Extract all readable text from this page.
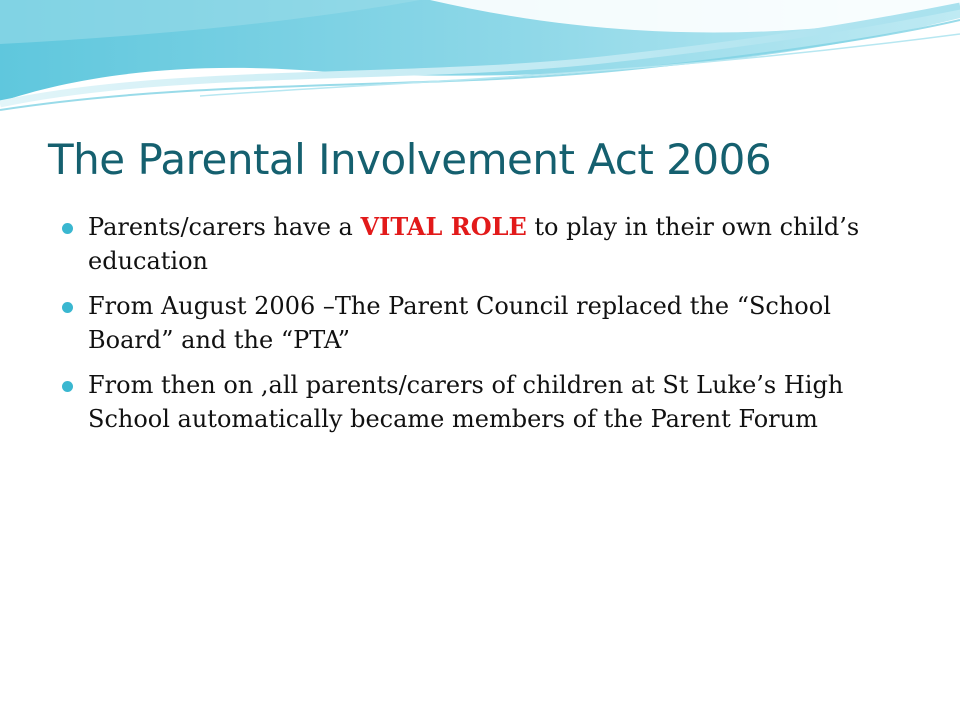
The Parental Involvement Act 2006
Parents/carers have a VITAL ROLE to play in their own child’s education
From August 2006 –The Parent Council replaced the “School Board” and the “PTA”
From then on ,all parents/carers of children at St Luke’s High School automatically became members of the Parent Forum
